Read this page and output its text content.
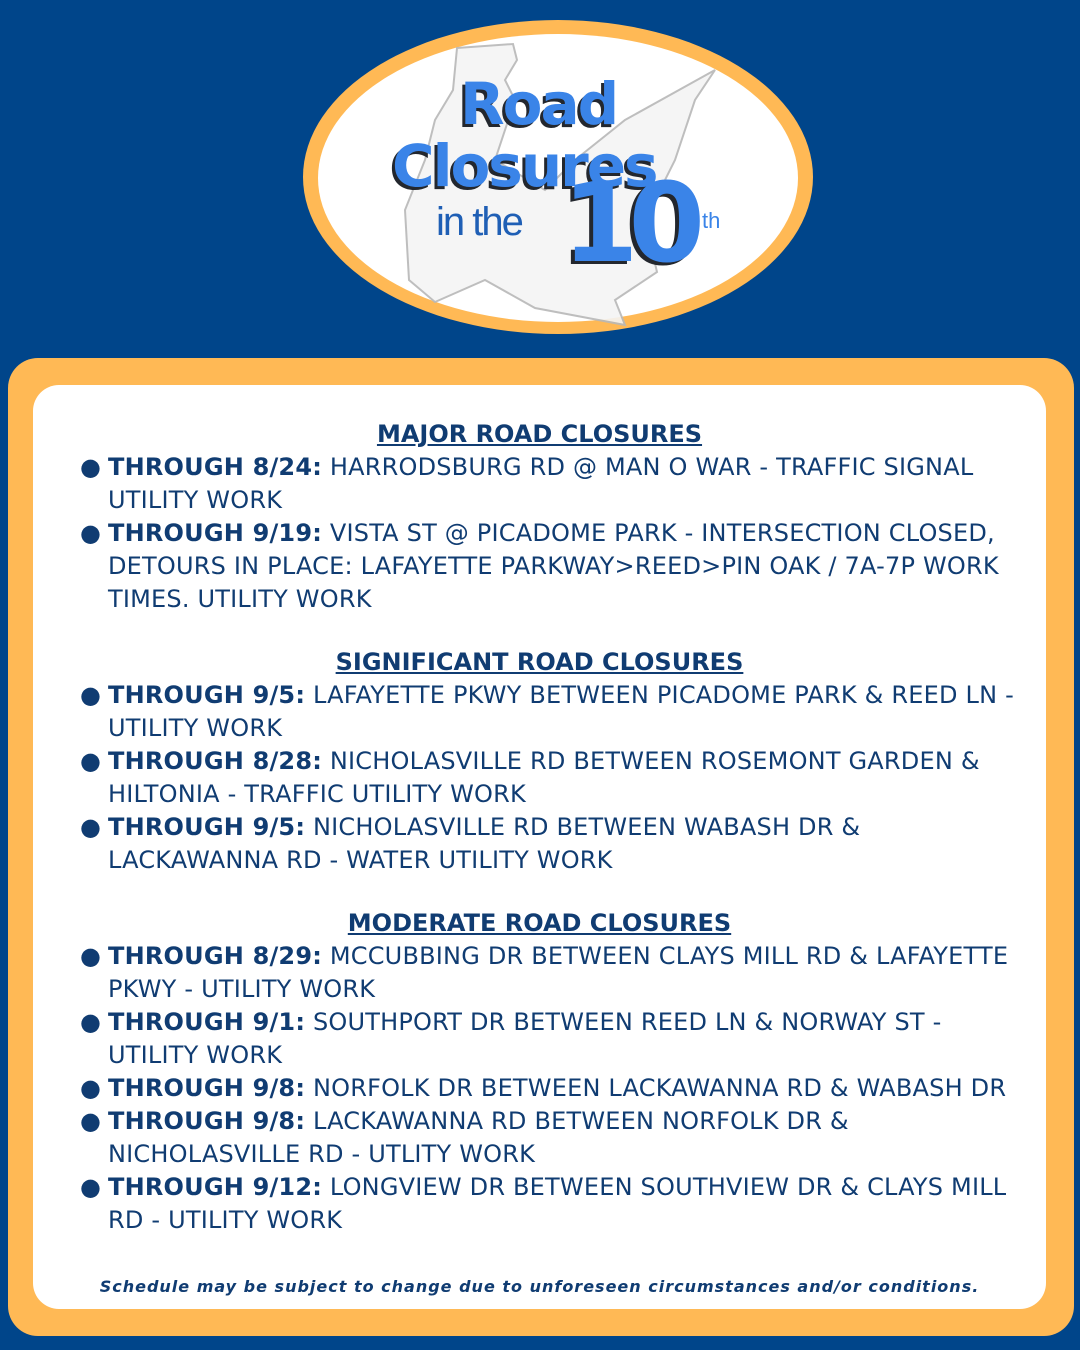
Road
Closures
in the 10 th
MAJOR ROAD CLOSURES
● THROUGH 8/24: HARRODSBURG RD @ MAN O WAR - TRAFFIC SIGNAL UTILITY WORK
● THROUGH 9/19: VISTA ST @ PICADOME PARK - INTERSECTION CLOSED, DETOURS IN PLACE: LAFAYETTE PARKWAY>REED>PIN OAK / 7A-7P WORK TIMES. UTILITY WORK
SIGNIFICANT ROAD CLOSURES
● THROUGH 9/5: LAFAYETTE PKWY BETWEEN PICADOME PARK & REED LN - UTILITY WORK
● THROUGH 8/28: NICHOLASVILLE RD BETWEEN ROSEMONT GARDEN & HILTONIA - TRAFFIC UTILITY WORK
● THROUGH 9/5: NICHOLASVILLE RD BETWEEN WABASH DR & LACKAWANNA RD - WATER UTILITY WORK
MODERATE ROAD CLOSURES
● THROUGH 8/29: MCCUBBING DR BETWEEN CLAYS MILL RD & LAFAYETTE PKWY - UTILITY WORK
● THROUGH 9/1: SOUTHPORT DR BETWEEN REED LN & NORWAY ST - UTILITY WORK
● THROUGH 9/8: NORFOLK DR BETWEEN LACKAWANNA RD & WABASH DR
● THROUGH 9/8: LACKAWANNA RD BETWEEN NORFOLK DR & NICHOLASVILLE RD - UTLITY WORK
● THROUGH 9/12: LONGVIEW DR BETWEEN SOUTHVIEW DR & CLAYS MILL RD - UTILITY WORK
Schedule may be subject to change due to unforeseen circumstances and/or conditions.
